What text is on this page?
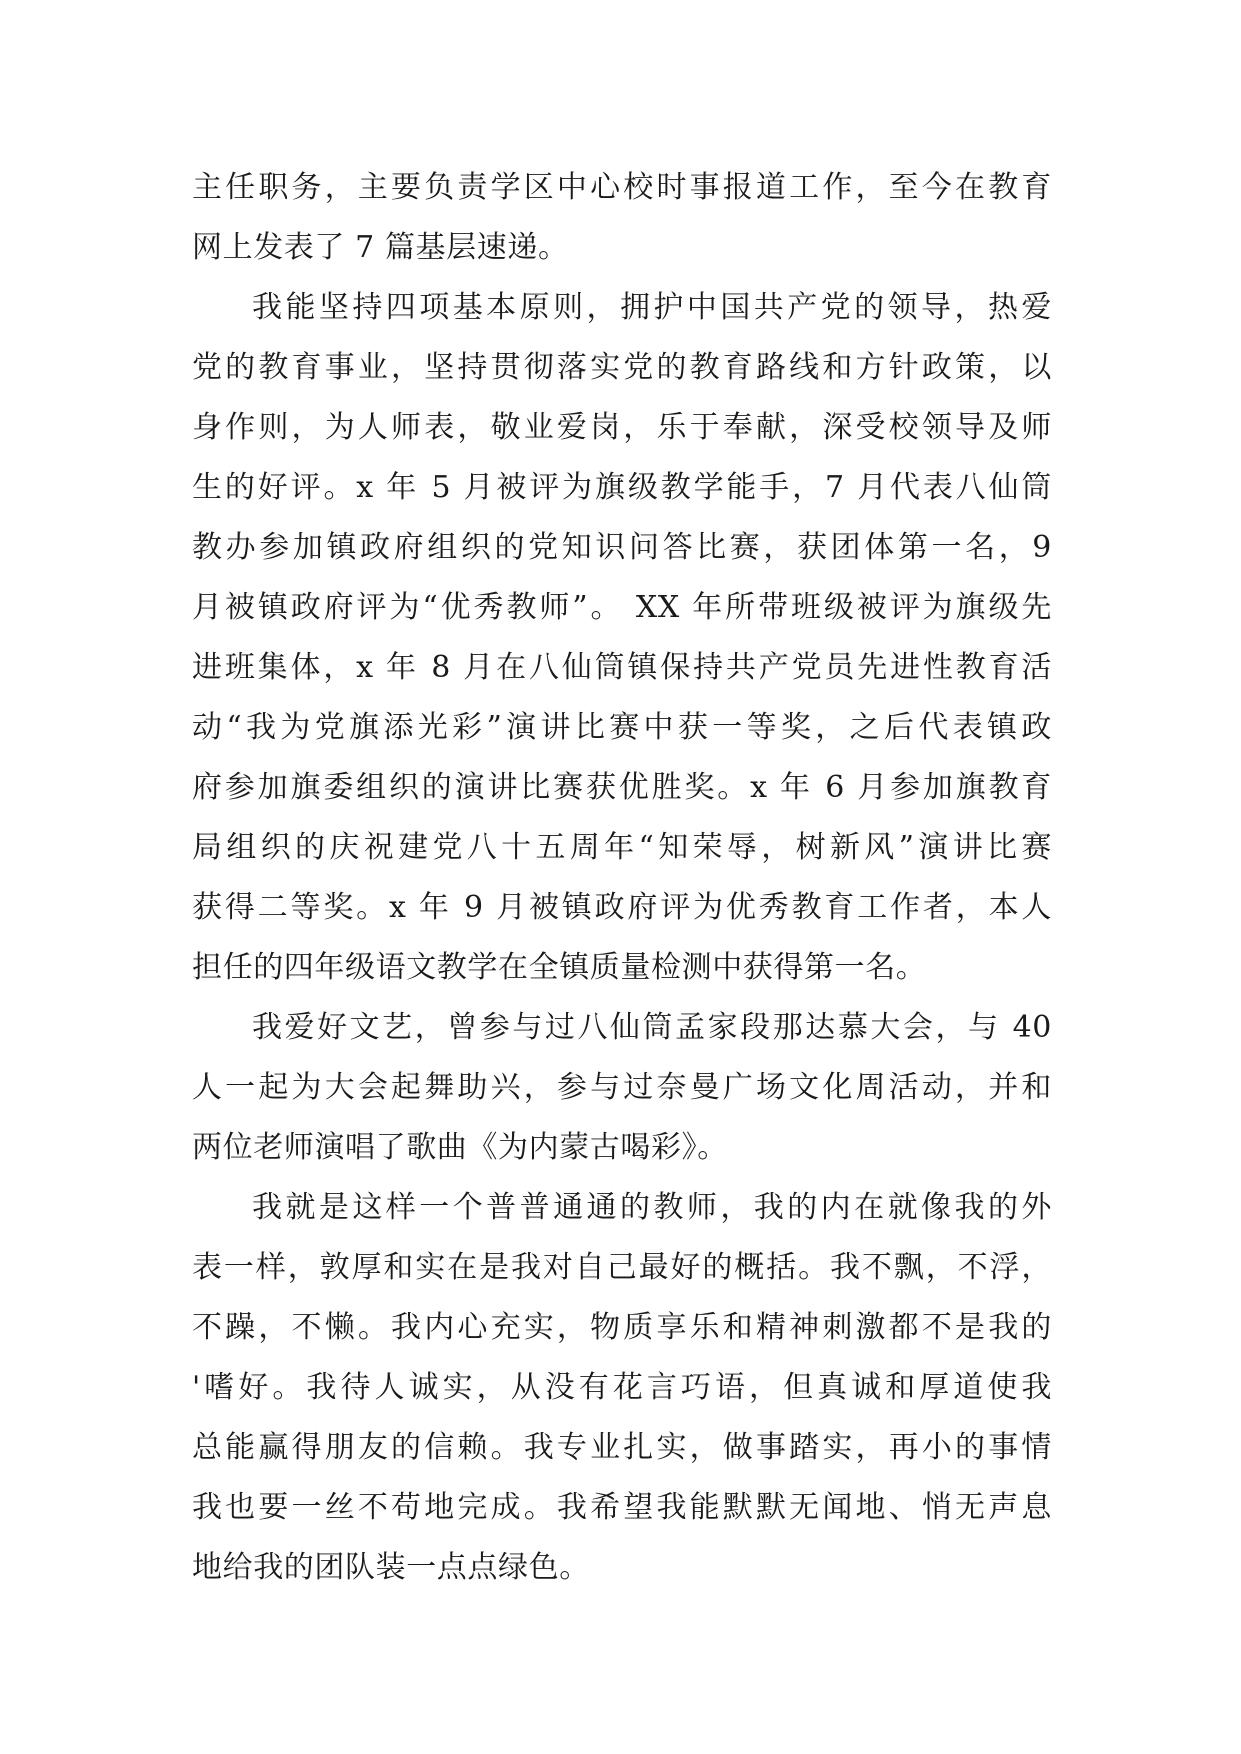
主任职务，主要负责学区中心校时事报道工作，至今在教育
网上发表了 7 篇基层速递。
我能坚持四项基本原则，拥护中国共产党的领导，热爱
党的教育事业，坚持贯彻落实党的教育路线和方针政策，以
身作则，为人师表，敬业爱岗，乐于奉献，深受校领导及师
生的好评。x 年 5 月被评为旗级教学能手，7 月代表八仙筒
教办参加镇政府组织的党知识问答比赛，获团体第一名，9
月被镇政府评为“优秀教师”。 XX 年所带班级被评为旗级先
进班集体，x 年 8 月在八仙筒镇保持共产党员先进性教育活
动“我为党旗添光彩”演讲比赛中获一等奖，之后代表镇政
府参加旗委组织的演讲比赛获优胜奖。x 年 6 月参加旗教育
局组织的庆祝建党八十五周年“知荣辱，树新风”演讲比赛
获得二等奖。x 年 9 月被镇政府评为优秀教育工作者，本人
担任的四年级语文教学在全镇质量检测中获得第一名。
我爱好文艺，曾参与过八仙筒孟家段那达慕大会，与 40
人一起为大会起舞助兴，参与过奈曼广场文化周活动，并和
两位老师演唱了歌曲《为内蒙古喝彩》。
我就是这样一个普普通通的教师，我的内在就像我的外
表一样，敦厚和实在是我对自己最好的概括。我不飘，不浮，
不躁，不懒。我内心充实，物质享乐和精神刺激都不是我的
'嗜好。我待人诚实，从没有花言巧语，但真诚和厚道使我
总能赢得朋友的信赖。我专业扎实，做事踏实，再小的事情
我也要一丝不苟地完成。我希望我能默默无闻地、悄无声息
地给我的团队装一点点绿色。
